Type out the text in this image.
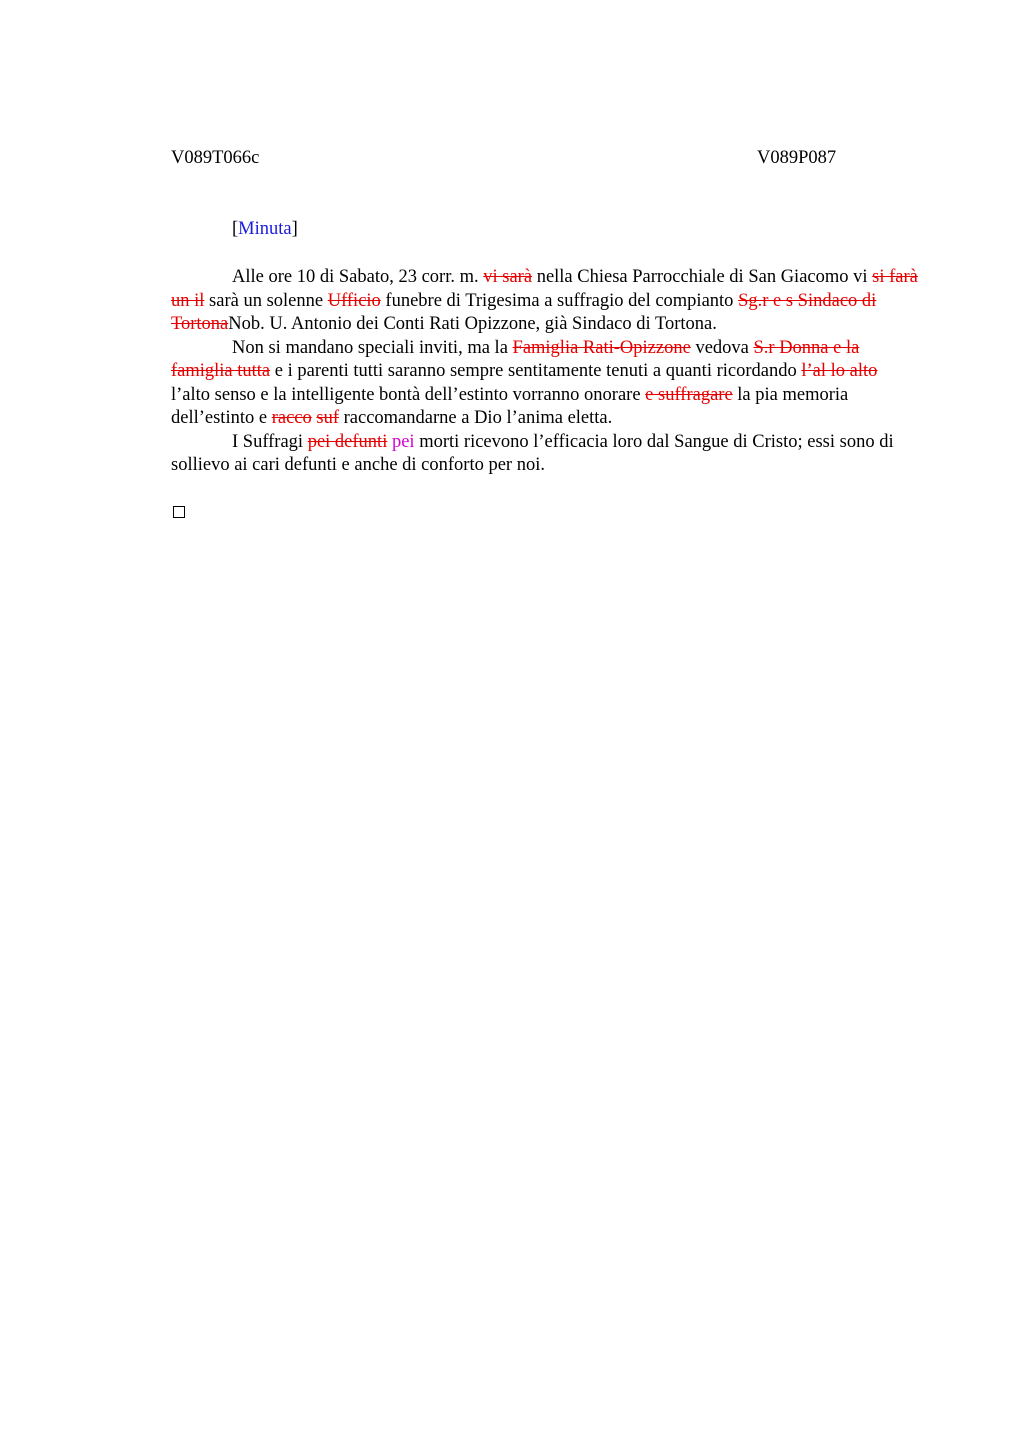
V089T066c	V089P087
[Minuta]

Alle ore 10 di Sabato, 23 corr. m. vi sarà nella Chiesa Parrocchiale di San Giacomo vi si farà un il sarà un solenne Ufficio funebre di Trigesima a suffragio del compianto Sg.r e s Sindaco di TortonaNob. U. Antonio dei Conti Rati Opizzone, già Sindaco di Tortona.

Non si mandano speciali inviti, ma la Famiglia Rati-Opizzone vedova S.r Donna e la famiglia tutta e i parenti tutti saranno sempre sentitamente tenuti a quanti ricordando l’al lo alto l’alto senso e la intelligente bontà dell’estinto vorranno onorare e suffragare la pia memoria dell’estinto e racco suf raccomandarne a Dio l’anima eletta.

I Suffragi pei defunti pei morti ricevono l’efficacia loro dal Sangue di Cristo; essi sono di sollievo ai cari defunti e anche di conforto per noi.
